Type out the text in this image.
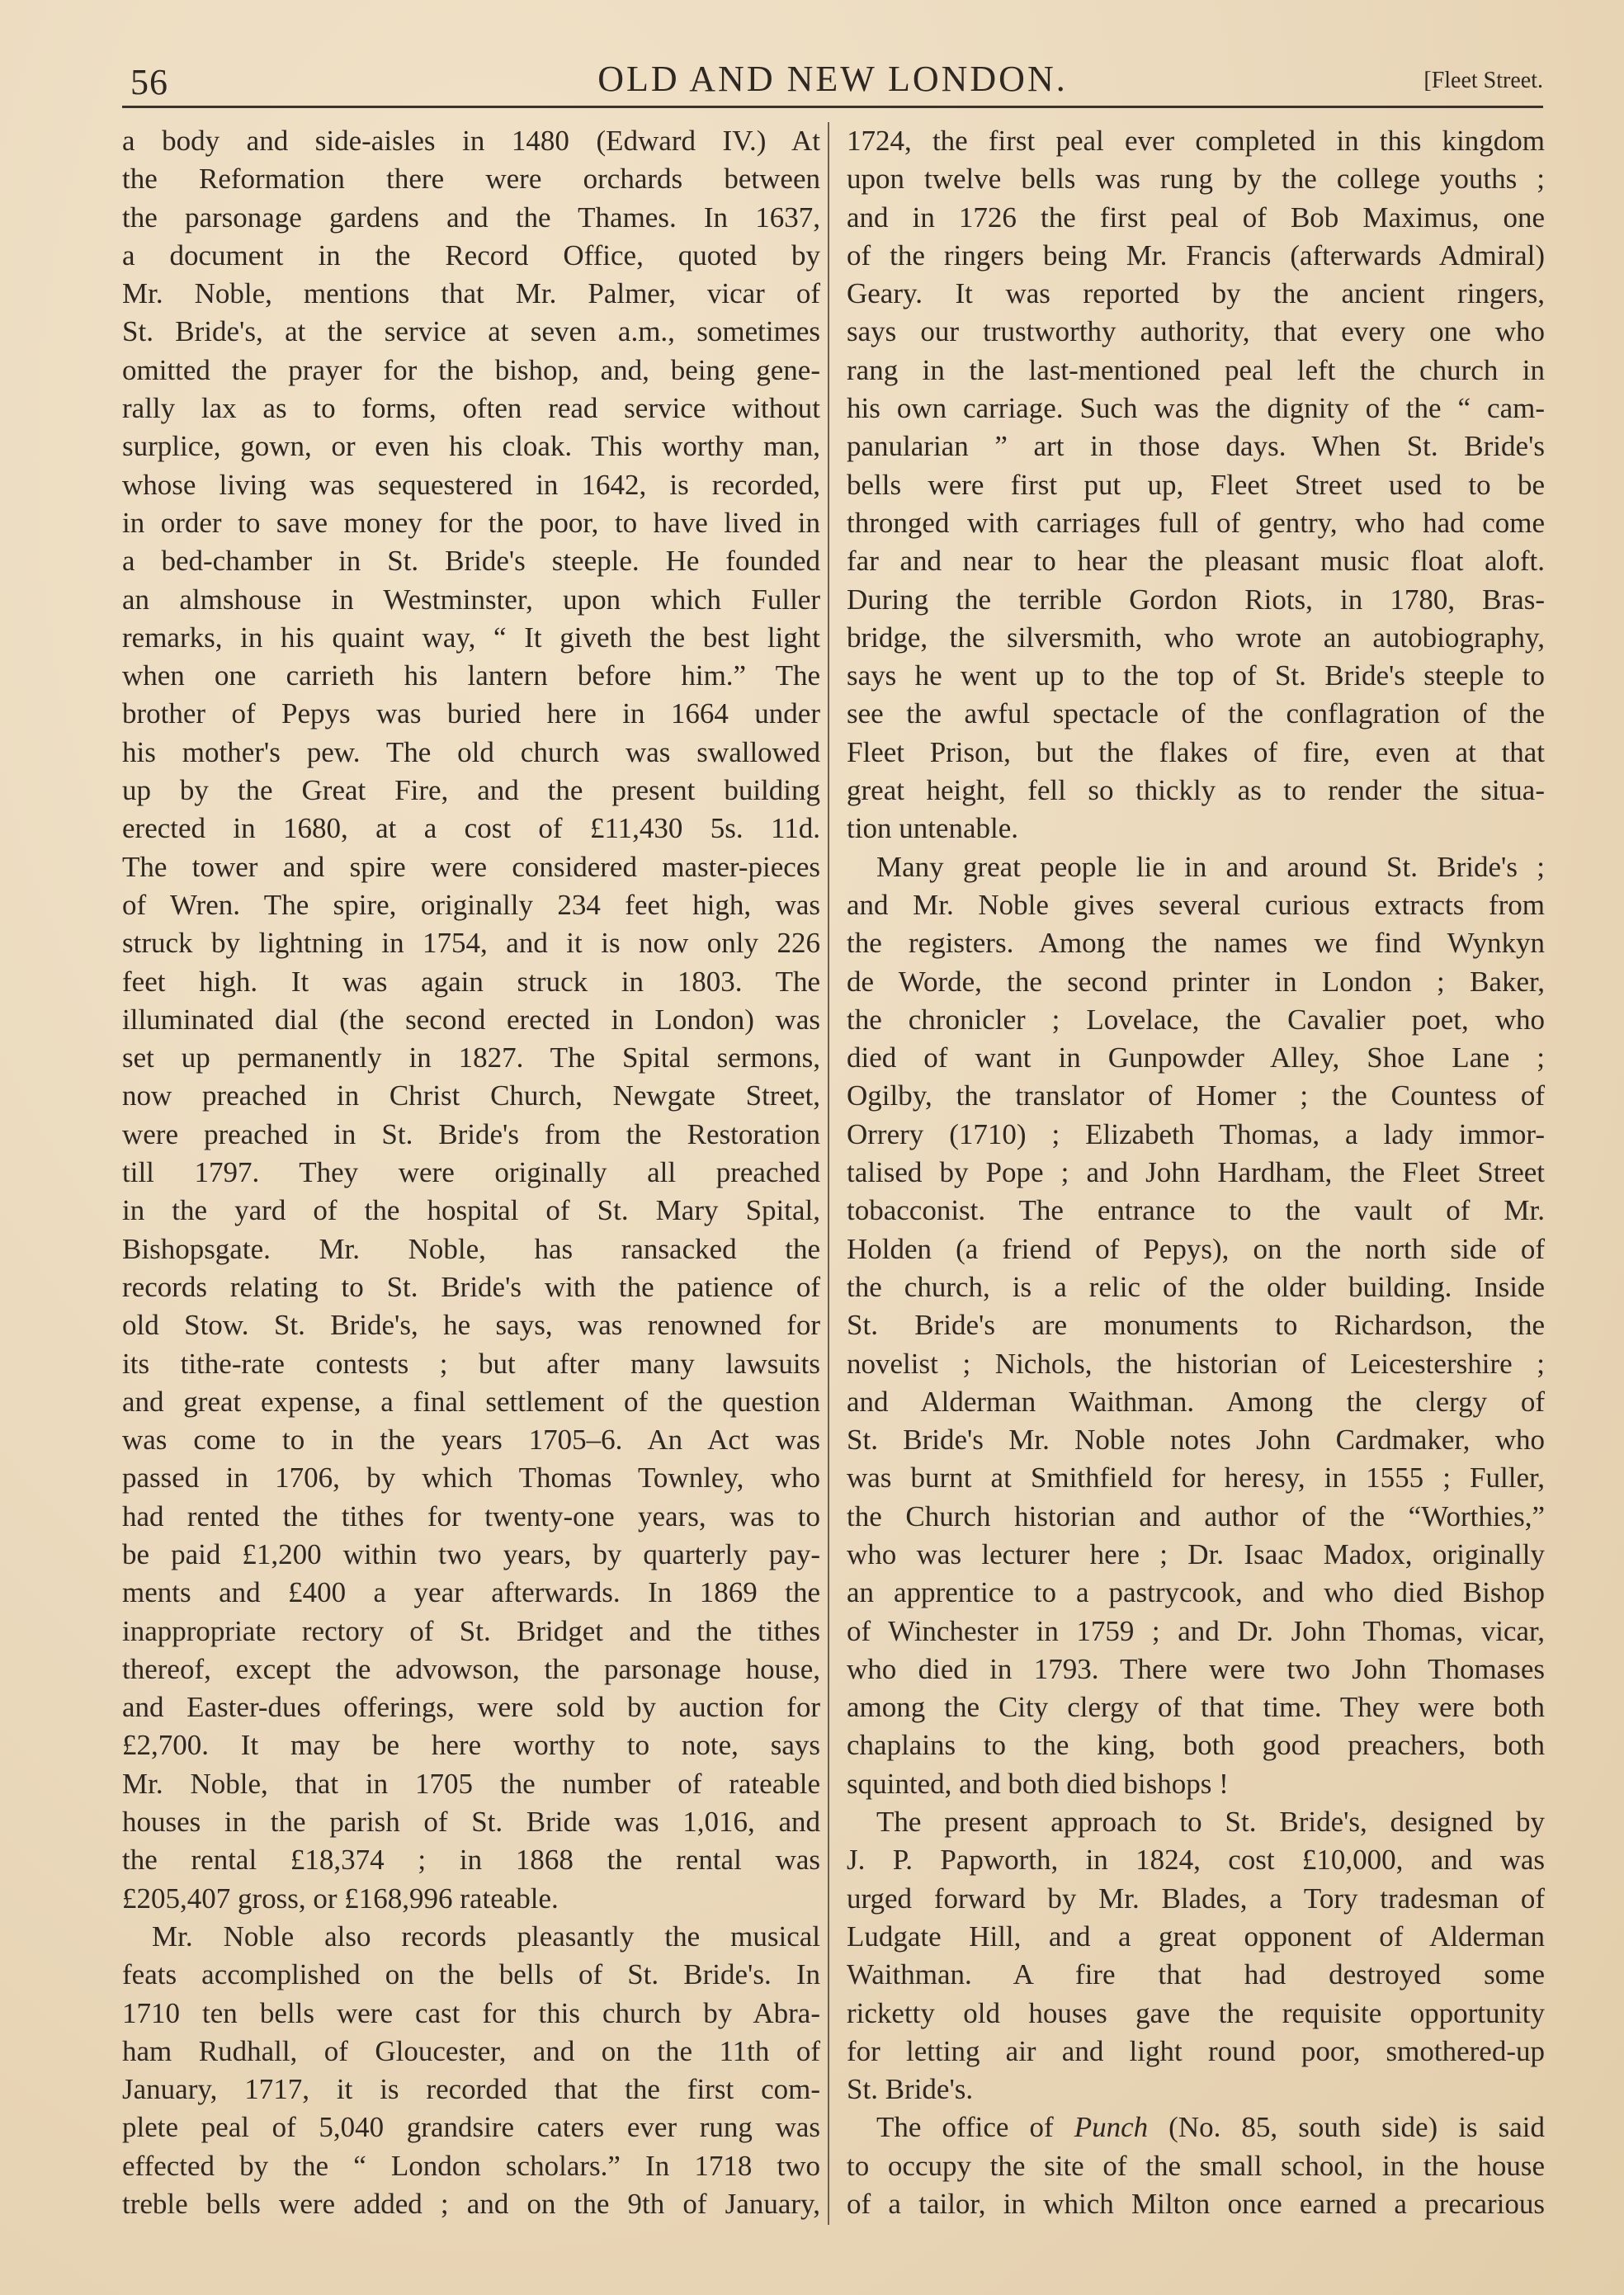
56	OLD AND NEW LONDON.	[Fleet Street.
a body and side-aisles in 1480 (Edward IV.) At
the Reformation there were orchards between
the parsonage gardens and the Thames. In 1637,
a document in the Record Office, quoted by
Mr. Noble, mentions that Mr. Palmer, vicar of
St. Bride's, at the service at seven a.m., sometimes
omitted the prayer for the bishop, and, being gene-
rally lax as to forms, often read service without
surplice, gown, or even his cloak. This worthy man,
whose living was sequestered in 1642, is recorded,
in order to save money for the poor, to have lived in
a bed-chamber in St. Bride's steeple. He founded
an almshouse in Westminster, upon which Fuller
remarks, in his quaint way, “ It giveth the best light
when one carrieth his lantern before him.” The
brother of Pepys was buried here in 1664 under
his mother's pew. The old church was swallowed
up by the Great Fire, and the present building
erected in 1680, at a cost of £11,430 5s. 11d.
The tower and spire were considered master-pieces
of Wren. The spire, originally 234 feet high, was
struck by lightning in 1754, and it is now only 226
feet high. It was again struck in 1803. The
illuminated dial (the second erected in London) was
set up permanently in 1827. The Spital sermons,
now preached in Christ Church, Newgate Street,
were preached in St. Bride's from the Restoration
till 1797. They were originally all preached
in the yard of the hospital of St. Mary Spital,
Bishopsgate. Mr. Noble, has ransacked the
records relating to St. Bride's with the patience of
old Stow. St. Bride's, he says, was renowned for
its tithe-rate contests ; but after many lawsuits
and great expense, a final settlement of the question
was come to in the years 1705–6. An Act was
passed in 1706, by which Thomas Townley, who
had rented the tithes for twenty-one years, was to
be paid £1,200 within two years, by quarterly pay-
ments and £400 a year afterwards. In 1869 the
inappropriate rectory of St. Bridget and the tithes
thereof, except the advowson, the parsonage house,
and Easter-dues offerings, were sold by auction for
£2,700. It may be here worthy to note, says
Mr. Noble, that in 1705 the number of rateable
houses in the parish of St. Bride was 1,016, and
the rental £18,374 ; in 1868 the rental was
£205,407 gross, or £168,996 rateable.
Mr. Noble also records pleasantly the musical
feats accomplished on the bells of St. Bride's. In
1710 ten bells were cast for this church by Abra-
ham Rudhall, of Gloucester, and on the 11th of
January, 1717, it is recorded that the first com-
plete peal of 5,040 grandsire caters ever rung was
effected by the “ London scholars.” In 1718 two
treble bells were added ; and on the 9th of January,
1724, the first peal ever completed in this kingdom
upon twelve bells was rung by the college youths ;
and in 1726 the first peal of Bob Maximus, one
of the ringers being Mr. Francis (afterwards Admiral)
Geary. It was reported by the ancient ringers,
says our trustworthy authority, that every one who
rang in the last-mentioned peal left the church in
his own carriage. Such was the dignity of the “ cam-
panularian ” art in those days. When St. Bride's
bells were first put up, Fleet Street used to be
thronged with carriages full of gentry, who had come
far and near to hear the pleasant music float aloft.
During the terrible Gordon Riots, in 1780, Bras-
bridge, the silversmith, who wrote an autobiography,
says he went up to the top of St. Bride's steeple to
see the awful spectacle of the conflagration of the
Fleet Prison, but the flakes of fire, even at that
great height, fell so thickly as to render the situa-
tion untenable.
Many great people lie in and around St. Bride's ;
and Mr. Noble gives several curious extracts from
the registers. Among the names we find Wynkyn
de Worde, the second printer in London ; Baker,
the chronicler ; Lovelace, the Cavalier poet, who
died of want in Gunpowder Alley, Shoe Lane ;
Ogilby, the translator of Homer ; the Countess of
Orrery (1710) ; Elizabeth Thomas, a lady immor-
talised by Pope ; and John Hardham, the Fleet Street
tobacconist. The entrance to the vault of Mr.
Holden (a friend of Pepys), on the north side of
the church, is a relic of the older building. Inside
St. Bride's are monuments to Richardson, the
novelist ; Nichols, the historian of Leicestershire ;
and Alderman Waithman. Among the clergy of
St. Bride's Mr. Noble notes John Cardmaker, who
was burnt at Smithfield for heresy, in 1555 ; Fuller,
the Church historian and author of the “Worthies,”
who was lecturer here ; Dr. Isaac Madox, originally
an apprentice to a pastrycook, and who died Bishop
of Winchester in 1759 ; and Dr. John Thomas, vicar,
who died in 1793. There were two John Thomases
among the City clergy of that time. They were both
chaplains to the king, both good preachers, both
squinted, and both died bishops !
The present approach to St. Bride's, designed by
J. P. Papworth, in 1824, cost £10,000, and was
urged forward by Mr. Blades, a Tory tradesman of
Ludgate Hill, and a great opponent of Alderman
Waithman. A fire that had destroyed some
ricketty old houses gave the requisite opportunity
for letting air and light round poor, smothered-up
St. Bride's.
The office of Punch (No. 85, south side) is said
to occupy the site of the small school, in the house
of a tailor, in which Milton once earned a precarious
